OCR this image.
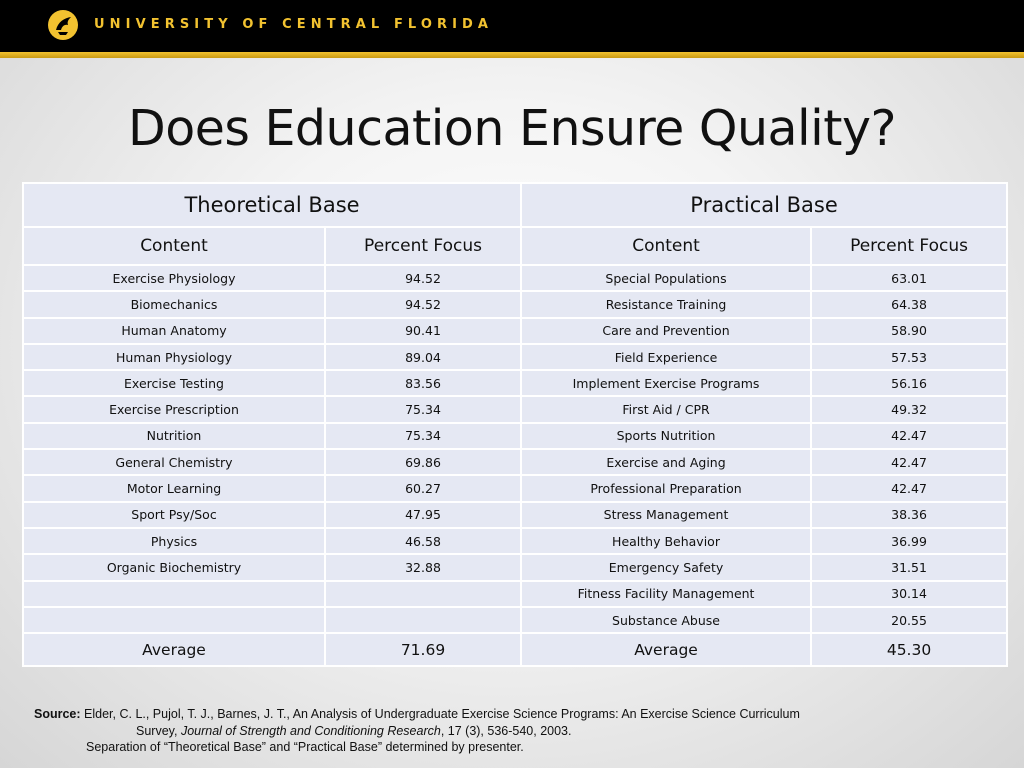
UNIVERSITY OF CENTRAL FLORIDA
Does Education Ensure Quality?
Theoretical Base		Practical Base	
Content	Percent Focus	Content	Percent Focus
Exercise Physiology	94.52	Special Populations	63.01
Biomechanics	94.52	Resistance Training	64.38
Human Anatomy	90.41	Care and Prevention	58.90
Human Physiology	89.04	Field Experience	57.53
Exercise Testing	83.56	Implement Exercise Programs	56.16
Exercise Prescription	75.34	First Aid / CPR	49.32
Nutrition	75.34	Sports Nutrition	42.47
General Chemistry	69.86	Exercise and Aging	42.47
Motor Learning	60.27	Professional Preparation	42.47
Sport Psy/Soc	47.95	Stress Management	38.36
Physics	46.58	Healthy Behavior	36.99
Organic Biochemistry	32.88	Emergency Safety	31.51
		Fitness Facility Management	30.14
		Substance Abuse	20.55
Average	71.69	Average	45.30
Source: Elder, C. L., Pujol, T. J., Barnes, J. T., An Analysis of Undergraduate Exercise Science Programs: An Exercise Science Curriculum
Survey, Journal of Strength and Conditioning Research, 17 (3), 536-540, 2003.
Separation of “Theoretical Base” and “Practical Base” determined by presenter.
